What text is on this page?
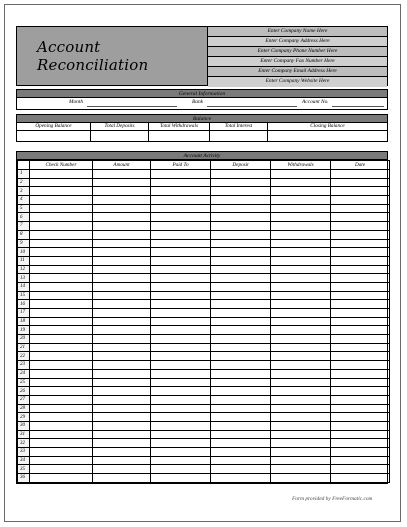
Account Reconciliation
Enter Company Name Here
Enter Company Address Here
Enter Company Phone Number Here
Enter Company Fax Number Here
Enter Company Email Address Here
Enter Company Website Here
General Information
Month	Bank	Account No.
Balance
Opening Balance	Total Deposits	Total Withdrawals	Total Interest	Closing Balance
Account Activity
	Check Number	Amount	Paid To	Deposit	Withdrawals	Date
1						
2						
3						
4						
5						
6						
7						
8						
9						
10						
11						
12						
13						
14						
15						
16						
17						
18						
19						
20						
21						
22						
23						
24						
25						
26						
27						
28						
29						
30						
31						
32						
33						
34						
35						
36						
Form provided by FreeFormatic.com
